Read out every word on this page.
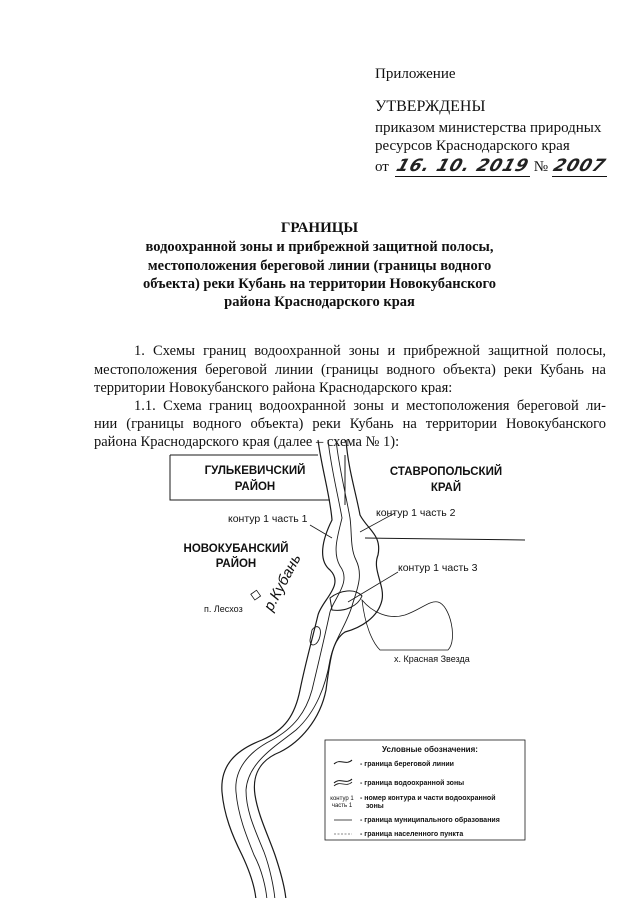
Приложение
УТВЕРЖДЕНЫ
приказом министерства природных
ресурсов Краснодарского края
от 16. 10. 2019 № 2007
ГРАНИЦЫ
водоохранной зоны и прибрежной защитной полосы,
местоположения береговой линии (границы водного
объекта) реки Кубань на территории Новокубанского
района Краснодарского края
1. Схемы границ водоохранной зоны и прибрежной защитной полосы,
местоположения береговой линии (границы водного объекта) реки Кубань на
территории Новокубанского района Краснодарского края:
1.1. Схема границ водоохранной зоны и местоположения береговой ли-
нии (границы водного объекта) реки Кубань на территории Новокубанского
района Краснодарского края (далее – схема № 1):
ГУЛЬКЕВИЧСКИЙ
РАЙОН
СТАВРОПОЛЬСКИЙ
КРАЙ
НОВОКУБАНСКИЙ
РАЙОН
контур 1 часть 1	контур 1 часть 2
контур 1 часть 3
р.Кубань
п. Лесхоз
х. Красная Звезда
Условные обозначения:
- граница береговой линии
- граница водоохранной зоны
контур 1
часть 1
- номер контура и части водоохранной
зоны
- граница муниципального образования
- граница населенного пункта
